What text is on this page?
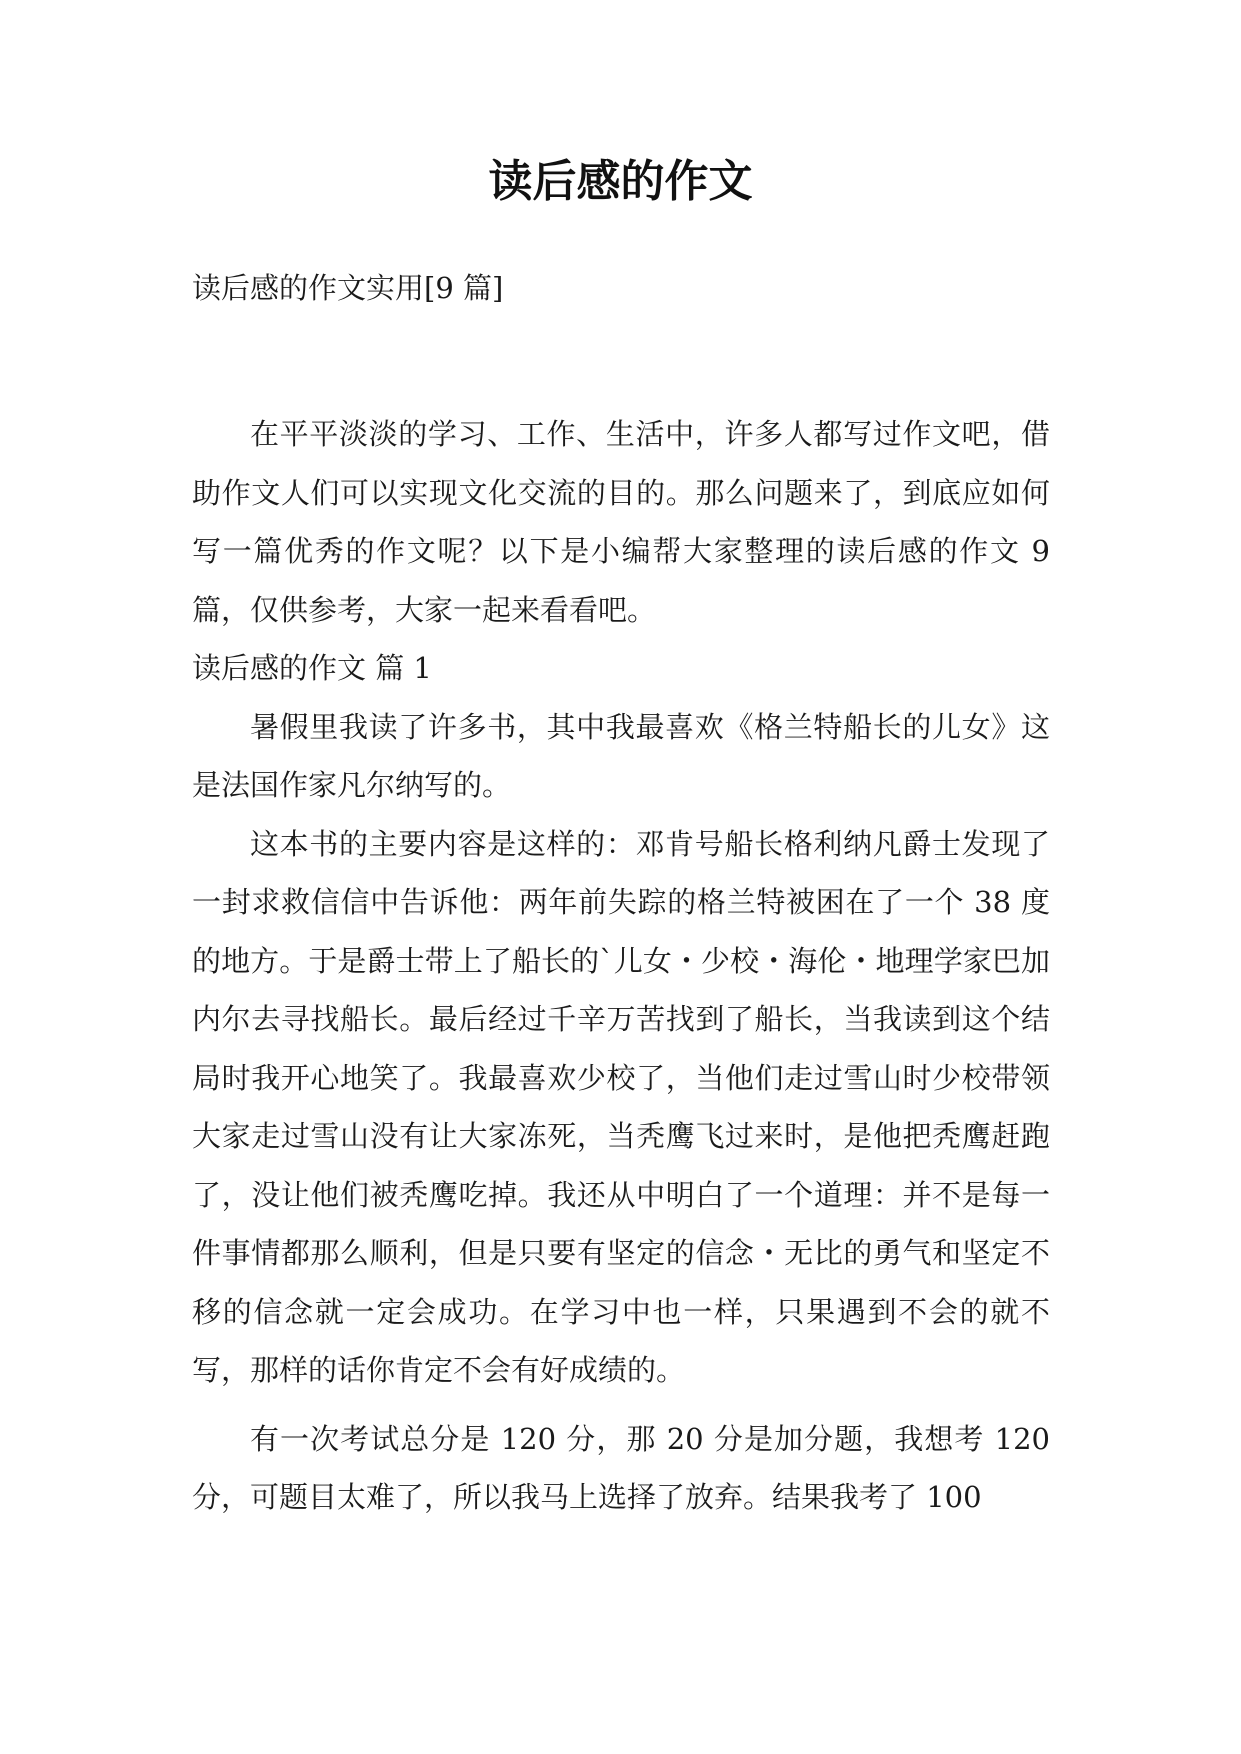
读后感的作文

读后感的作文实用[9 篇]

在平平淡淡的学习、工作、生活中，许多人都写过作文吧，借助作文人们可以实现文化交流的目的。那么问题来了，到底应如何写一篇优秀的作文呢？以下是小编帮大家整理的读后感的作文 9 篇，仅供参考，大家一起来看看吧。

读后感的作文 篇 1

暑假里我读了许多书，其中我最喜欢《格兰特船长的儿女》这是法国作家凡尔纳写的。

这本书的主要内容是这样的：邓肯号船长格利纳凡爵士发现了一封求救信信中告诉他：两年前失踪的格兰特被困在了一个 38 度的地方。于是爵士带上了船长的`儿女・少校・海伦・地理学家巴加内尔去寻找船长。最后经过千辛万苦找到了船长，当我读到这个结局时我开心地笑了。我最喜欢少校了，当他们走过雪山时少校带领大家走过雪山没有让大家冻死，当秃鹰飞过来时，是他把秃鹰赶跑了，没让他们被秃鹰吃掉。我还从中明白了一个道理：并不是每一件事情都那么顺利，但是只要有坚定的信念・无比的勇气和坚定不移的信念就一定会成功。在学习中也一样，只果遇到不会的就不写，那样的话你肯定不会有好成绩的。

有一次考试总分是 120 分，那 20 分是加分题，我想考 120 分，可题目太难了，所以我马上选择了放弃。结果我考了 100
